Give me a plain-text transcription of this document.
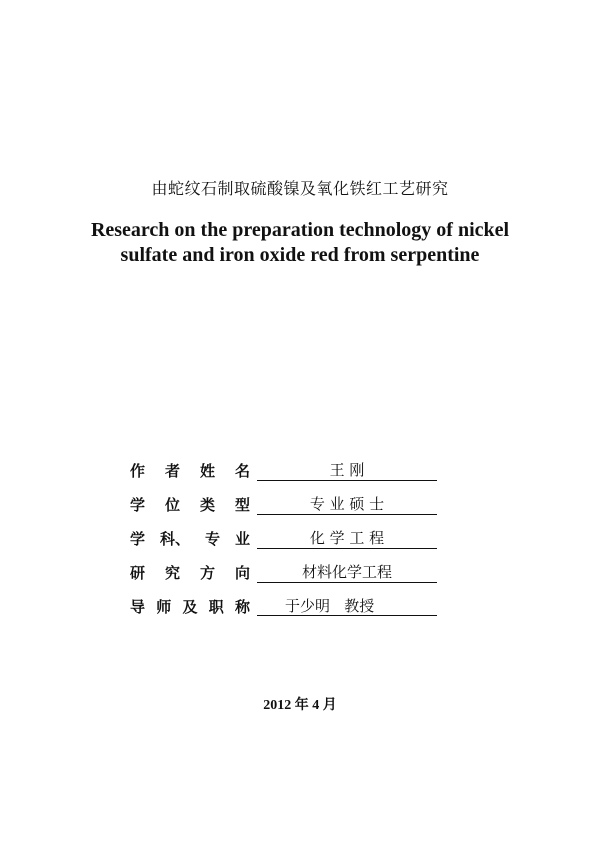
由蛇纹石制取硫酸镍及氧化铁红工艺研究
Research on the preparation technology of nickel
sulfate and iron oxide red from serpentine
作 者 姓 名	王 刚
学 位 类 型	专 业 硕 士
学 科、 专 业	化 学 工 程
研 究 方 向	材料化学工程
导 师 及 职 称	于少明   教授
2012 年 4 月
